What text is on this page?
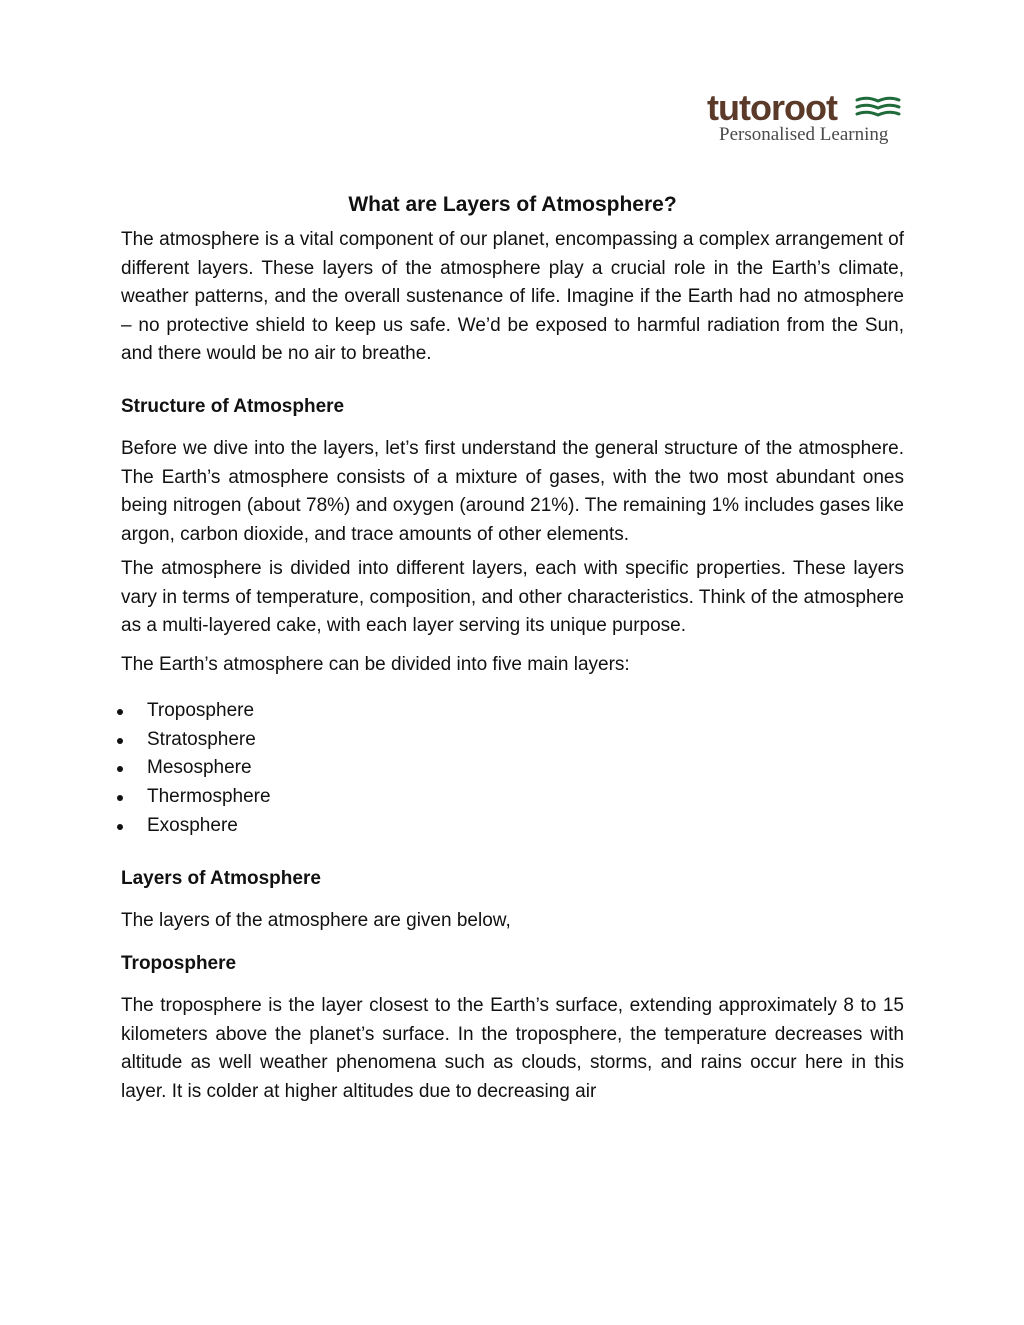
tutoroot
Personalised Learning
What are Layers of Atmosphere?

The atmosphere is a vital component of our planet, encompassing a complex arrangement of different layers. These layers of the atmosphere play a crucial role in the Earth’s climate, weather patterns, and the overall sustenance of life. Imagine if the Earth had no atmosphere – no protective shield to keep us safe. We’d be exposed to harmful radiation from the Sun, and there would be no air to breathe.

Structure of Atmosphere

Before we dive into the layers, let’s first understand the general structure of the atmosphere. The Earth’s atmosphere consists of a mixture of gases, with the two most abundant ones being nitrogen (about 78%) and oxygen (around 21%). The remaining 1% includes gases like argon, carbon dioxide, and trace amounts of other elements.

The atmosphere is divided into different layers, each with specific properties. These layers vary in terms of temperature, composition, and other characteristics. Think of the atmosphere as a multi-layered cake, with each layer serving its unique purpose.

The Earth’s atmosphere can be divided into five main layers:

Troposphere
Stratosphere
Mesosphere
Thermosphere
Exosphere
Layers of Atmosphere

The layers of the atmosphere are given below,

Troposphere

The troposphere is the layer closest to the Earth’s surface, extending approximately 8 to 15 kilometers above the planet’s surface. In the troposphere, the temperature decreases with altitude as well weather phenomena such as clouds, storms, and rains occur here in this layer. It is colder at higher altitudes due to decreasing air
